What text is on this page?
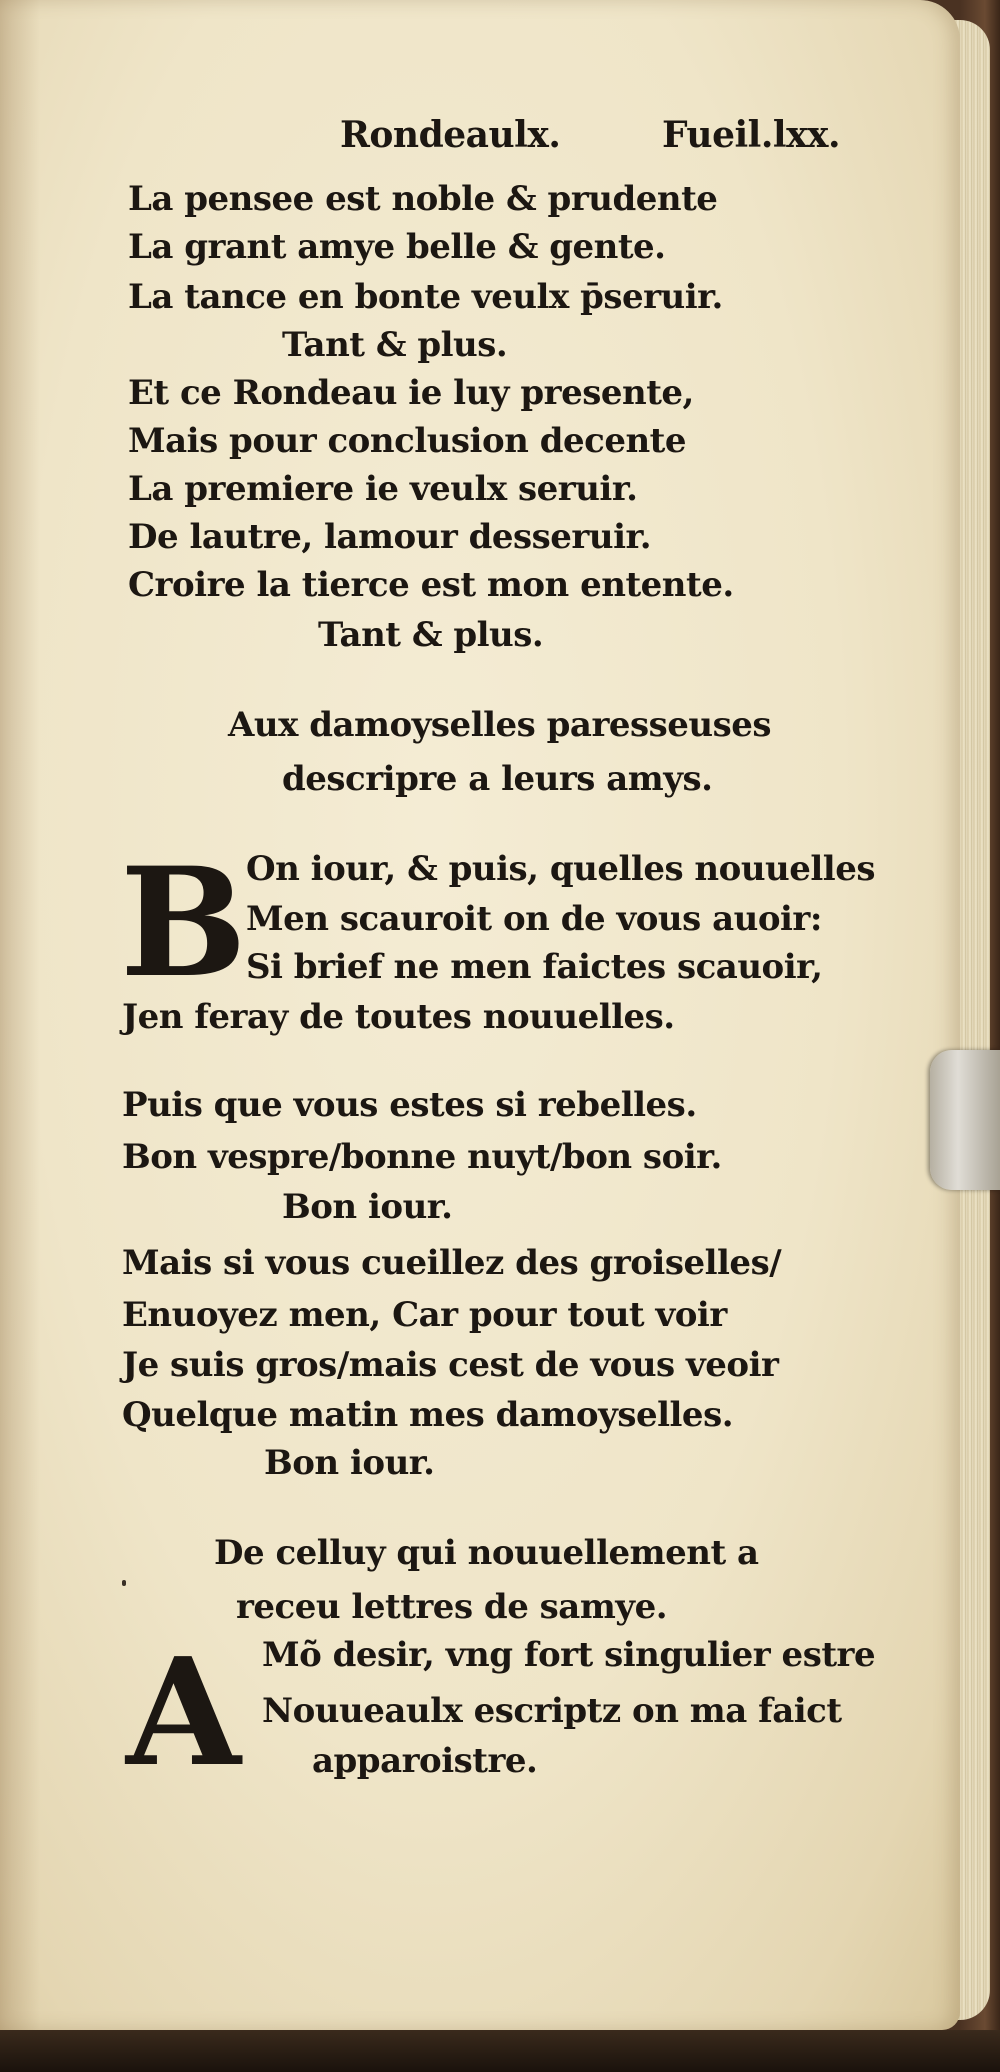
Rondeaulx.	Fueil.lxx.
La pensee est noble & prudente
La grant amye belle & gente.
La tance en bonte veulx p̄seruir.
Tant & plus.
Et ce Rondeau ie luy presente,
Mais pour conclusion decente
La premiere ie veulx seruir.
De lautre, lamour desseruir.
Croire la tierce est mon entente.
Tant & plus.
Aux damoyselles paresseuses
descripre a leurs amys.
B On iour, & puis, quelles nouuelles
Men scauroit on de vous auoir:
Si brief ne men faictes scauoir,
Jen feray de toutes nouuelles.
Puis que vous estes si rebelles.
Bon vespre/bonne nuyt/bon soir.
Bon iour.
Mais si vous cueillez des groiselles/
Enuoyez men, Car pour tout voir
Je suis gros/mais cest de vous veoir
Quelque matin mes damoyselles.
Bon iour.
De celluy qui nouuellement a
receu lettres de samye.
A Mõ desir, vng fort singulier estre
Nouueaulx escriptz on ma faict
apparoistre.
